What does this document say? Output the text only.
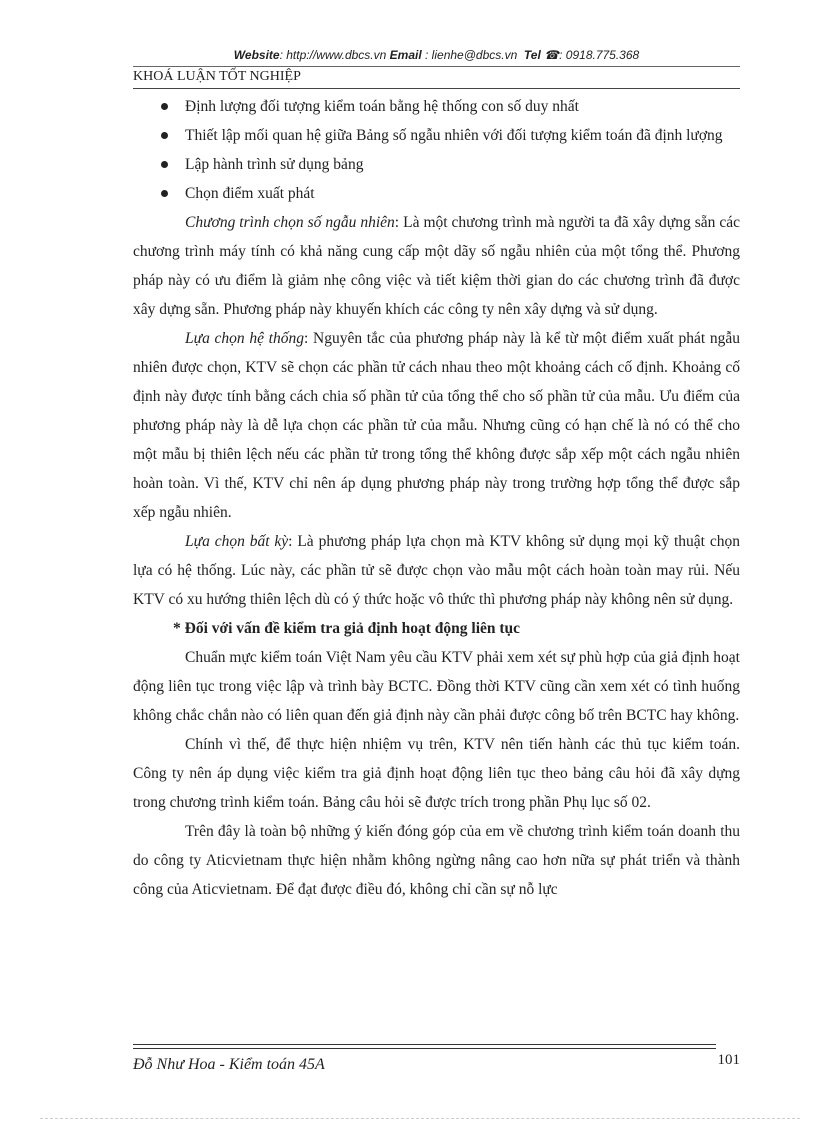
Website: http://www.dbcs.vn Email : lienhe@dbcs.vn Tel ☎: 0918.775.368
KHOÁ LUẬN TỐT NGHIỆP
Định lượng đối tượng kiểm toán bằng hệ thống con số duy nhất
Thiết lập mối quan hệ giữa Bảng số ngẫu nhiên với đối tượng kiểm toán đã định lượng
Lập hành trình sử dụng bảng
Chọn điểm xuất phát

Chương trình chọn số ngẫu nhiên: Là một chương trình mà người ta đã xây dựng sẵn các chương trình máy tính có khả năng cung cấp một dãy số ngẫu nhiên của một tổng thể. Phương pháp này có ưu điểm là giảm nhẹ công việc và tiết kiệm thời gian do các chương trình đã được xây dựng sẵn. Phương pháp này khuyến khích các công ty nên xây dựng và sử dụng.

Lựa chọn hệ thống: Nguyên tắc của phương pháp này là kể từ một điểm xuất phát ngẫu nhiên được chọn, KTV sẽ chọn các phần tử cách nhau theo một khoảng cách cố định. Khoảng cố định này được tính bằng cách chia số phần tử của tổng thể cho số phần tử của mẫu. Ưu điểm của phương pháp này là dễ lựa chọn các phần tử của mẫu. Nhưng cũng có hạn chế là nó có thể cho một mẫu bị thiên lệch nếu các phần tử trong tổng thể không được sắp xếp một cách ngẫu nhiên hoàn toàn. Vì thế, KTV chỉ nên áp dụng phương pháp này trong trường hợp tổng thể được sắp xếp ngẫu nhiên.

Lựa chọn bất kỳ: Là phương pháp lựa chọn mà KTV không sử dụng mọi kỹ thuật chọn lựa có hệ thống. Lúc này, các phần tử sẽ được chọn vào mẫu một cách hoàn toàn may rủi. Nếu KTV có xu hướng thiên lệch dù có ý thức hoặc vô thức thì phương pháp này không nên sử dụng.

* Đối với vấn đề kiểm tra giả định hoạt động liên tục

Chuẩn mực kiểm toán Việt Nam yêu cầu KTV phải xem xét sự phù hợp của giả định hoạt động liên tục trong việc lập và trình bày BCTC. Đồng thời KTV cũng cần xem xét có tình huống không chắc chắn nào có liên quan đến giả định này cần phải được công bố trên BCTC hay không.

Chính vì thế, để thực hiện nhiệm vụ trên, KTV nên tiến hành các thủ tục kiểm toán. Công ty nên áp dụng việc kiểm tra giả định hoạt động liên tục theo bảng câu hỏi đã xây dựng trong chương trình kiểm toán. Bảng câu hỏi sẽ được trích trong phần Phụ lục số 02.

Trên đây là toàn bộ những ý kiến đóng góp của em về chương trình kiểm toán doanh thu do công ty Aticvietnam thực hiện nhằm không ngừng nâng cao hơn nữa sự phát triển và thành công của Aticvietnam. Để đạt được điều đó, không chỉ cần sự nỗ lực

Đỗ Như Hoa - Kiểm toán 45A	101
